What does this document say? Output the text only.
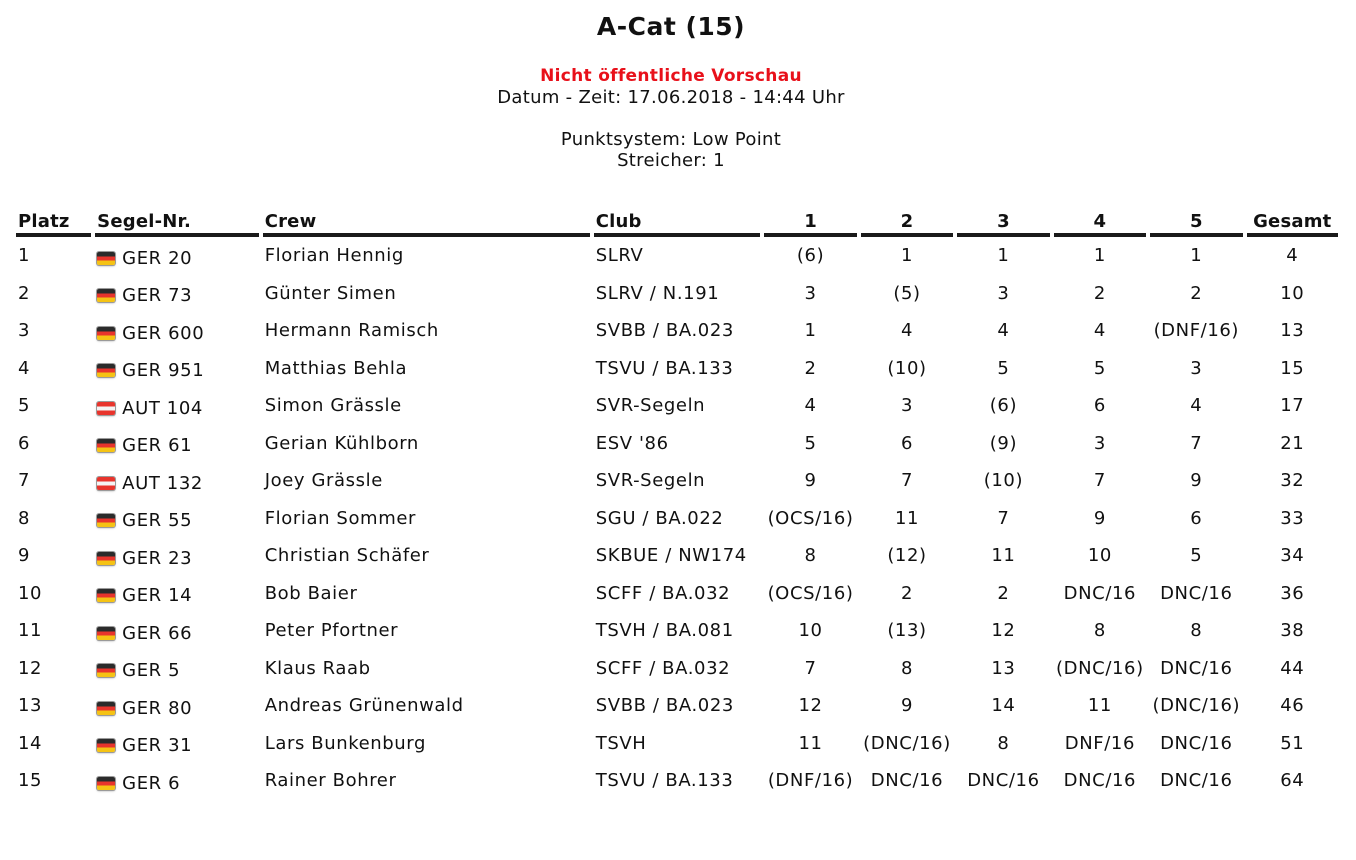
A-Cat (15)
Nicht öffentliche Vorschau
Datum - Zeit: 17.06.2018 - 14:44 Uhr
Punktsystem: Low Point
Streicher: 1
Platz	Segel-Nr.	Crew	Club	1	2	3	4	5	Gesamt
1	GER 20	Florian Hennig	SLRV	(6)	1	1	1	1	4
2	GER 73	Günter Simen	SLRV / N.191	3	(5)	3	2	2	10
3	GER 600	Hermann Ramisch	SVBB / BA.023	1	4	4	4	(DNF/16)	13
4	GER 951	Matthias Behla	TSVU / BA.133	2	(10)	5	5	3	15
5	AUT 104	Simon Grässle	SVR-Segeln	4	3	(6)	6	4	17
6	GER 61	Gerian Kühlborn	ESV '86	5	6	(9)	3	7	21
7	AUT 132	Joey Grässle	SVR-Segeln	9	7	(10)	7	9	32
8	GER 55	Florian Sommer	SGU / BA.022	(OCS/16)	11	7	9	6	33
9	GER 23	Christian Schäfer	SKBUE / NW174	8	(12)	11	10	5	34
10	GER 14	Bob Baier	SCFF / BA.032	(OCS/16)	2	2	DNC/16	DNC/16	36
11	GER 66	Peter Pfortner	TSVH / BA.081	10	(13)	12	8	8	38
12	GER 5	Klaus Raab	SCFF / BA.032	7	8	13	(DNC/16)	DNC/16	44
13	GER 80	Andreas Grünenwald	SVBB / BA.023	12	9	14	11	(DNC/16)	46
14	GER 31	Lars Bunkenburg	TSVH	11	(DNC/16)	8	DNF/16	DNC/16	51
15	GER 6	Rainer Bohrer	TSVU / BA.133	(DNF/16)	DNC/16	DNC/16	DNC/16	DNC/16	64
